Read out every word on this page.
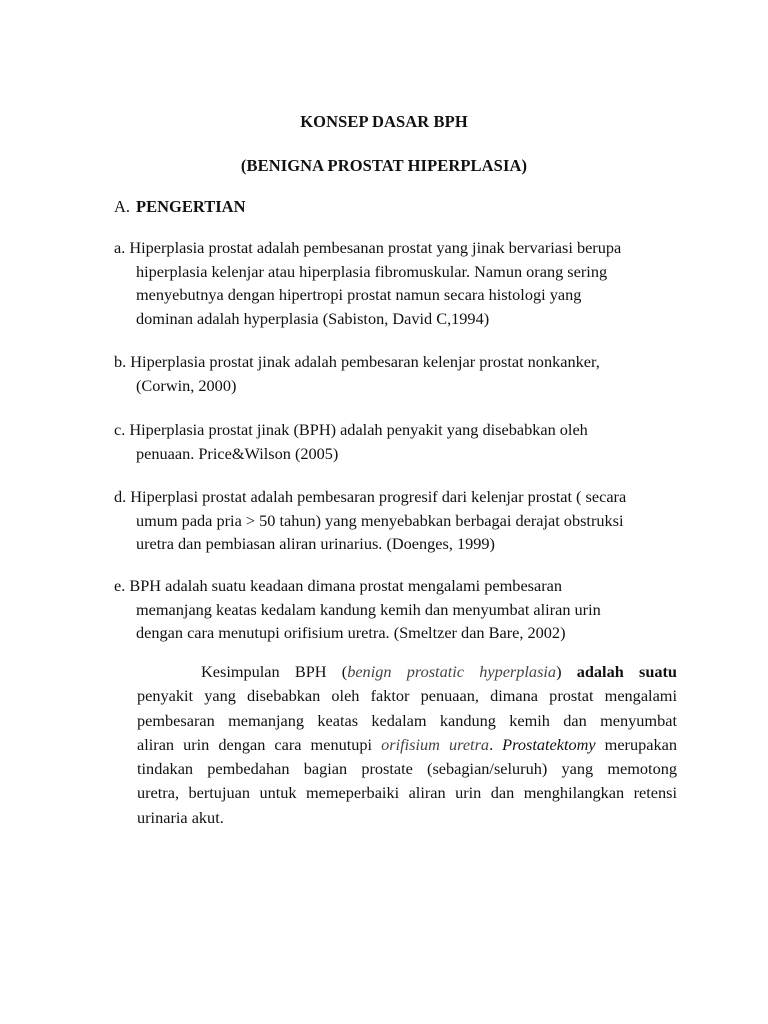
KONSEP DASAR BPH
(BENIGNA PROSTAT HIPERPLASIA)
A. PENGERTIAN
a. Hiperplasia prostat adalah pembesanan prostat yang jinak bervariasi berupa
hiperplasia kelenjar atau hiperplasia fibromuskular. Namun orang sering
menyebutnya dengan hipertropi prostat namun secara histologi yang
dominan adalah hyperplasia (Sabiston, David C,1994)
b. Hiperplasia prostat jinak adalah pembesaran kelenjar prostat nonkanker,
(Corwin, 2000)
c. Hiperplasia prostat jinak (BPH) adalah penyakit yang disebabkan oleh
penuaan. Price&Wilson (2005)
d. Hiperplasi prostat adalah pembesaran progresif dari kelenjar prostat ( secara
umum pada pria > 50 tahun) yang menyebabkan berbagai derajat obstruksi
uretra dan pembiasan aliran urinarius. (Doenges, 1999)
e. BPH adalah suatu keadaan dimana prostat mengalami pembesaran
memanjang keatas kedalam kandung kemih dan menyumbat aliran urin
dengan cara menutupi orifisium uretra. (Smeltzer dan Bare, 2002)
Kesimpulan BPH (benign prostatic hyperplasia) adalah suatu
penyakit yang disebabkan oleh faktor penuaan, dimana prostat mengalami
pembesaran memanjang keatas kedalam kandung kemih dan menyumbat
aliran urin dengan cara menutupi orifisium uretra. Prostatektomy merupakan
tindakan pembedahan bagian prostate (sebagian/seluruh) yang memotong
uretra, bertujuan untuk memeperbaiki aliran urin dan menghilangkan retensi
urinaria akut.
